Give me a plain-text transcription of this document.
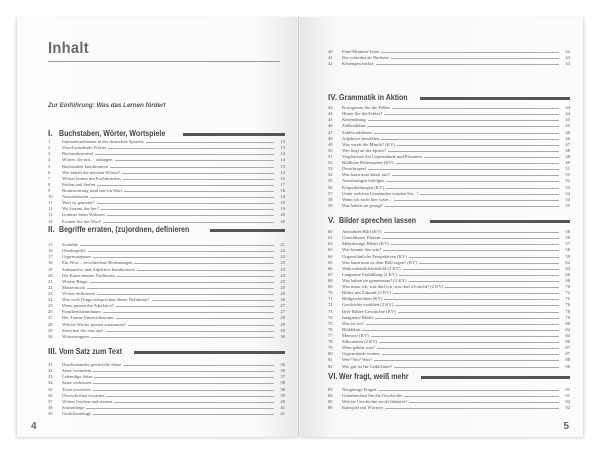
Inhalt
Zur Einführung: Was das Lernen fördert
I. Buchstaben, Wörter, Wortspiele
1	Internationalismen in der deutschen Sprache	13
2	Verschwindende Wörter	13
3	Buchstabenrätsel	14
4	Wörter, die mit ... anfangen	14
5	Buchstaben kombinieren	15
6	Wer behält die meisten Wörter?	15
7	Wörter lernen mit Eselsbrücken	16
8	Prüfen und Siefen	17
9	Brainstorming rund um ein Wort	18
10	Assoziationen	18
11	Wort ist gemeint?	19
12	Wo kommt das her?	19
13	Irrtümer beim Vorlesen	20
14	Erraten Sie das Wort!	20
II. Begriffe erraten, (zu)ordnen, definieren
15	Scrabble	21
16	Oberbegriffe	22
17	Gegensatzpaare	22
18	Ein Wort – verschiedene Bedeutungen	23
19	Substantive und Adjektive kombinieren	23
20	Die Katze meiner Nachbarin	24
21	Wörter-Bingo	25
22	Mastermock	25
23	Wörter definieren	26
24	Was viele Dinge entsprechen dieser Definition?	26
25	Wenn passen die Adjektive?	27
26	Familienstammbaum	27
27	Der Traum-Unterrichtsraum	28
28	Welche Wörter passen zusammen?	29
29	Streichen Sie eins aus!	29
30	Wörtertreppen	30
III. Vom Satz zum Text
31	Durcheinander gewürfelte Sätze	36
32	Sätze verändern	36
33	Lebendige Sätze	37
34	Sätze verkürzen	38
35	Texte erweitern	38
36	Überschriften erwarten	39
37	Wörter löschen und erraten	40
38	Satzanfänge	41
39	Gedichtanfänge	41
4
40	Fünf-Minuten-Texte	42
41	Die schreibst ab Nächster	43
42	Kettengeschichte	43
IV. Grammatik in Aktion
43	Korrigieren Sie die Fehler	44
44	Hören Sie die Fehler?	44
45	Kettenübung	45
46	Zahlendiktat	45
47	Zahlen addieren	46
48	Adjektive darstellen	46
49	Was verrät die Mimik? (KV)	47
50	Wer liegt an der Spitze?	48
51	Vergleichen Sie Gegenstände und Personen	48
52	Bildliche Redensarten (KV)	49
53	Deutchroptel	51
54	Was kann man damit tun?	51
55	Anweisungen befolgen	52
56	Körperhaltungen (KV)	53
57	Unter welchen Umständen würden Sie...?	54
58	Wenn ich nicht hier wäre...	54
59	Was haben sie gesagt?	55
V. Bilder sprechen lassen
60	Abstraktes Bild (KV)	56
61	Unsichtbarer Elefant	56
62	Mehrdeutige Bilder (KV)	57
63	Was könnte das sein?	58
64	Ungewöhnliche Perspektiven (KV)	59
65	Was kann man zu dem Bild sagen? (KV)	62
66	Wahrscheinlichkeitsbild (2 KV)	64
67	Langsame Enthüllung (2 KV)	66
68	Was haben sie gemeinsam? (2 KV)	68
69	Was muss ich, was darf ich, was darf ich nicht? (2 KV)	70
70	Bilder mit Zukunft (3 KV)	72
71	Bildgeschichten (KV)	75
72	Geschichte erzählen (2 KV)	76
73	Drei-Bilder-Geschichte (KV)	78
74	Imaginäre Bilder	79
75	Was ist los?	80
76	Bilddiktat	82
77	Memory (KV)	84
78	Silbouetten (2 KV)	86
79	Wem gehört was?	87
80	Gegenstände erraten	87
81	Wer? Wo? Was?	88
82	Wie gut ist Ihr Gedächtnis?	90
VI. Wer fragt, weiß mehr
83	Neugierige Fragen	91
84	Unterbrechen Sie die Geschichte	91
85	Welche Geschichte steckt dahinter?	92
86	Ratespiel mit Wörtern	92
5
